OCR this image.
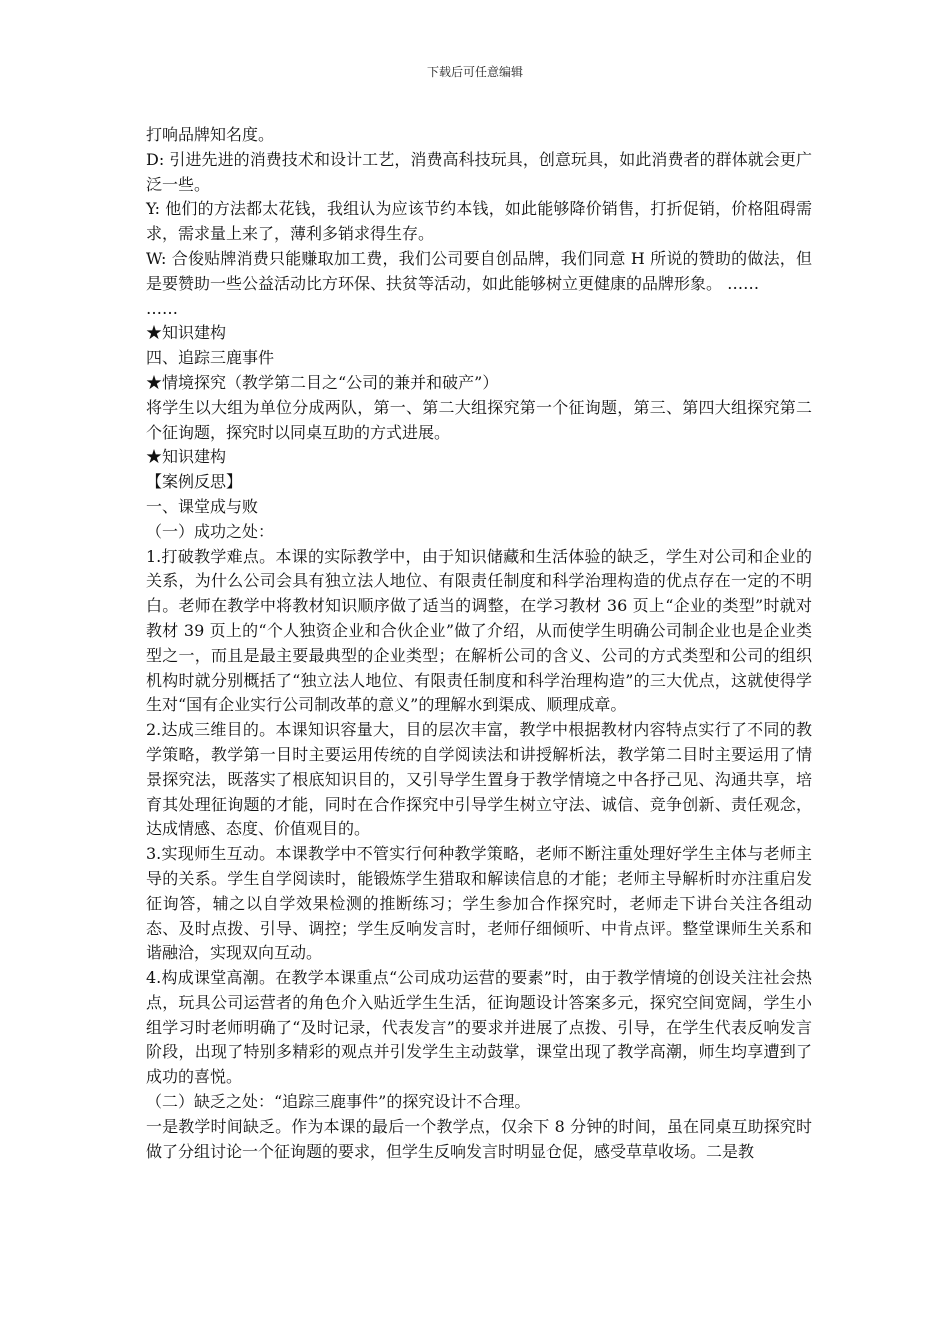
下载后可任意编辑

打响品牌知名度。

D: 引进先进的消费技术和设计工艺，消费高科技玩具，创意玩具，如此消费者的群体就会更广泛一些。

Y: 他们的方法都太花钱，我组认为应该节约本钱，如此能够降价销售，打折促销，价格阻碍需求，需求量上来了，薄利多销求得生存。

W: 合俊贴牌消费只能赚取加工费，我们公司要自创品牌，我们同意 H 所说的赞助的做法，但是要赞助一些公益活动比方环保、扶贫等活动，如此能够树立更健康的品牌形象。 ……

……

★知识建构

四、追踪三鹿事件

★情境探究（教学第二目之“公司的兼并和破产”）

将学生以大组为单位分成两队，第一、第二大组探究第一个征询题，第三、第四大组探究第二个征询题，探究时以同桌互助的方式进展。

★知识建构

【案例反思】

一、课堂成与败

（一）成功之处：

1.打破教学难点。本课的实际教学中，由于知识储藏和生活体验的缺乏，学生对公司和企业的关系，为什么公司会具有独立法人地位、有限责任制度和科学治理构造的优点存在一定的不明白。老师在教学中将教材知识顺序做了适当的调整，在学习教材 36 页上“企业的类型”时就对教材 39 页上的“个人独资企业和合伙企业”做了介绍，从而使学生明确公司制企业也是企业类型之一，而且是最主要最典型的企业类型；在解析公司的含义、公司的方式类型和公司的组织机构时就分别概括了“独立法人地位、有限责任制度和科学治理构造”的三大优点，这就使得学生对“国有企业实行公司制改革的意义”的理解水到渠成、顺理成章。

2.达成三维目的。本课知识容量大，目的层次丰富，教学中根据教材内容特点实行了不同的教学策略，教学第一目时主要运用传统的自学阅读法和讲授解析法，教学第二目时主要运用了情景探究法，既落实了根底知识目的，又引导学生置身于教学情境之中各抒己见、沟通共享，培育其处理征询题的才能，同时在合作探究中引导学生树立守法、诚信、竞争创新、责任观念，达成情感、态度、价值观目的。

3.实现师生互动。本课教学中不管实行何种教学策略，老师不断注重处理好学生主体与老师主导的关系。学生自学阅读时，能锻炼学生猎取和解读信息的才能；老师主导解析时亦注重启发征询答，辅之以自学效果检测的推断练习；学生参加合作探究时，老师走下讲台关注各组动态、及时点拨、引导、调控；学生反响发言时，老师仔细倾听、中肯点评。整堂课师生关系和谐融洽，实现双向互动。

4.构成课堂高潮。在教学本课重点“公司成功运营的要素”时，由于教学情境的创设关注社会热点，玩具公司运营者的角色介入贴近学生生活，征询题设计答案多元，探究空间宽阔，学生小组学习时老师明确了“及时记录，代表发言”的要求并进展了点拨、引导，在学生代表反响发言阶段，出现了特别多精彩的观点并引发学生主动鼓掌，课堂出现了教学高潮，师生均享遭到了成功的喜悦。

（二）缺乏之处：“追踪三鹿事件”的探究设计不合理。

一是教学时间缺乏。作为本课的最后一个教学点，仅余下 8 分钟的时间，虽在同桌互助探究时做了分组讨论一个征询题的要求，但学生反响发言时明显仓促，感受草草收场。二是教
